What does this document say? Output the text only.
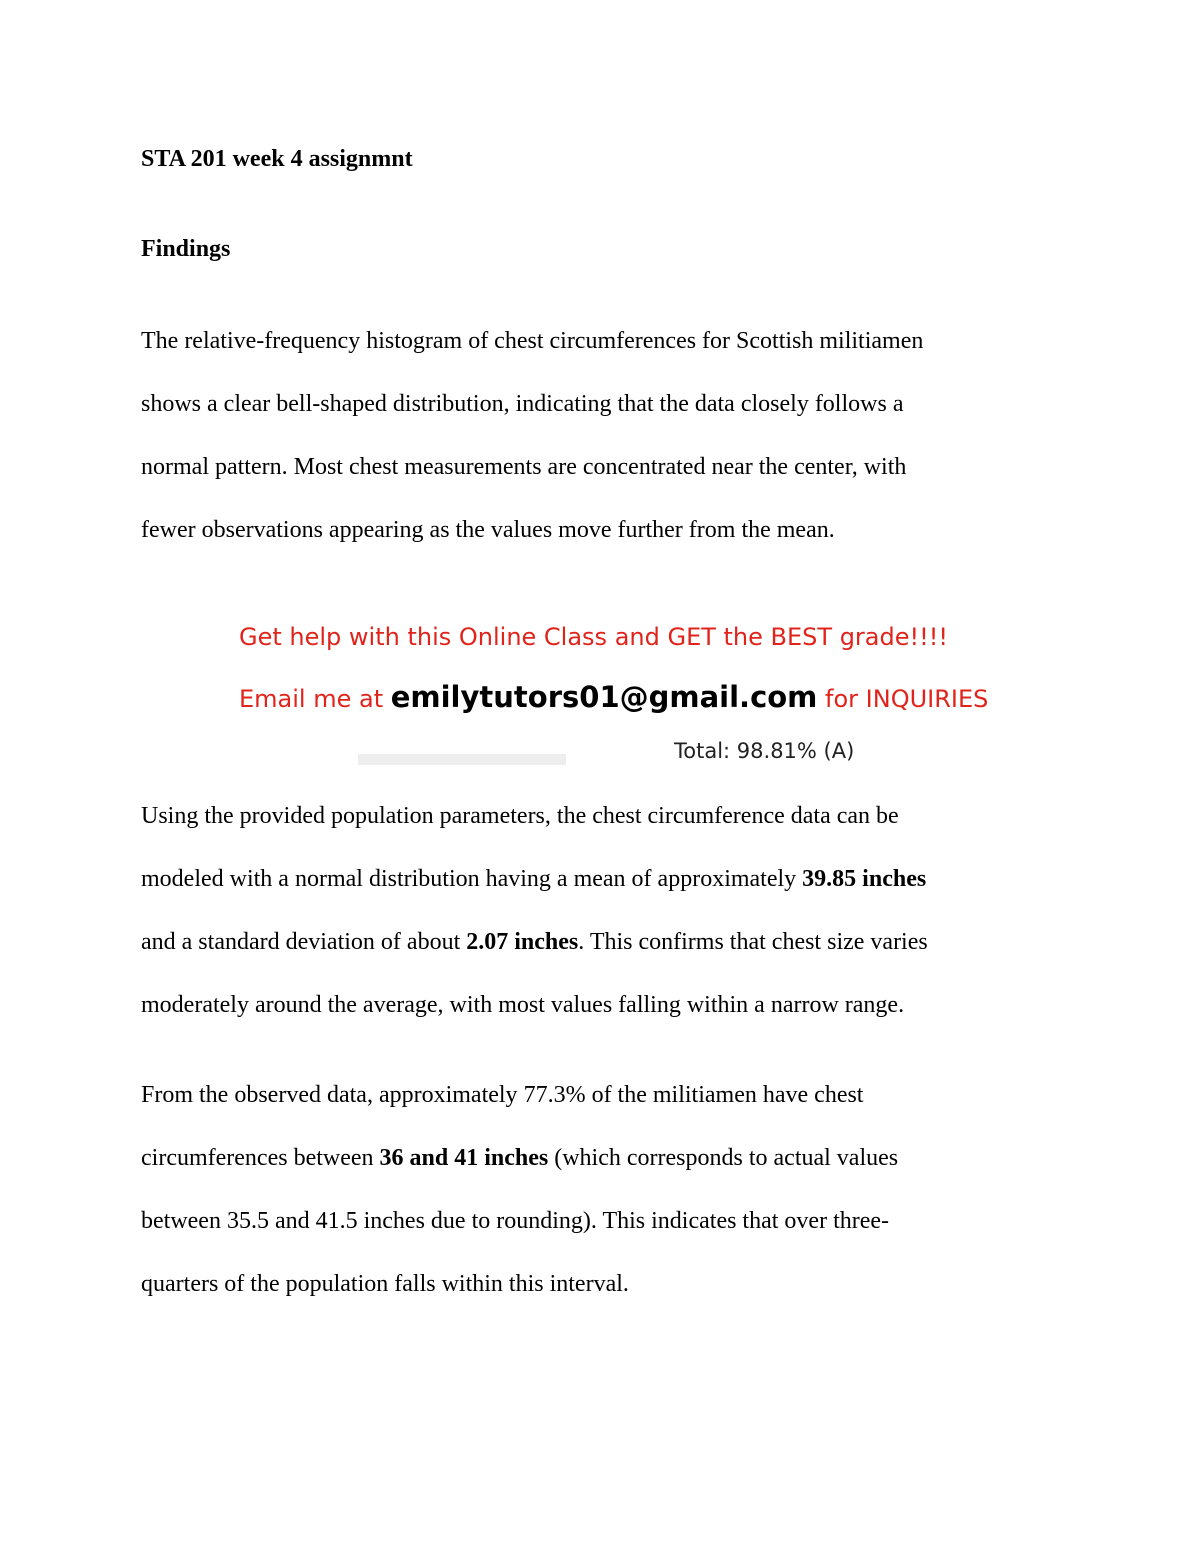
STA 201 week 4 assignmnt
Findings
The relative-frequency histogram of chest circumferences for Scottish militiamen
shows a clear bell-shaped distribution, indicating that the data closely follows a
normal pattern. Most chest measurements are concentrated near the center, with
fewer observations appearing as the values move further from the mean.
Get help with this Online Class and GET the BEST grade!!!!
Email me at emilytutors01@gmail.com for INQUIRIES
Total: 98.81% (A)
Using the provided population parameters, the chest circumference data can be
modeled with a normal distribution having a mean of approximately 39.85 inches
and a standard deviation of about 2.07 inches. This confirms that chest size varies
moderately around the average, with most values falling within a narrow range.
From the observed data, approximately 77.3% of the militiamen have chest
circumferences between 36 and 41 inches (which corresponds to actual values
between 35.5 and 41.5 inches due to rounding). This indicates that over three-
quarters of the population falls within this interval.
